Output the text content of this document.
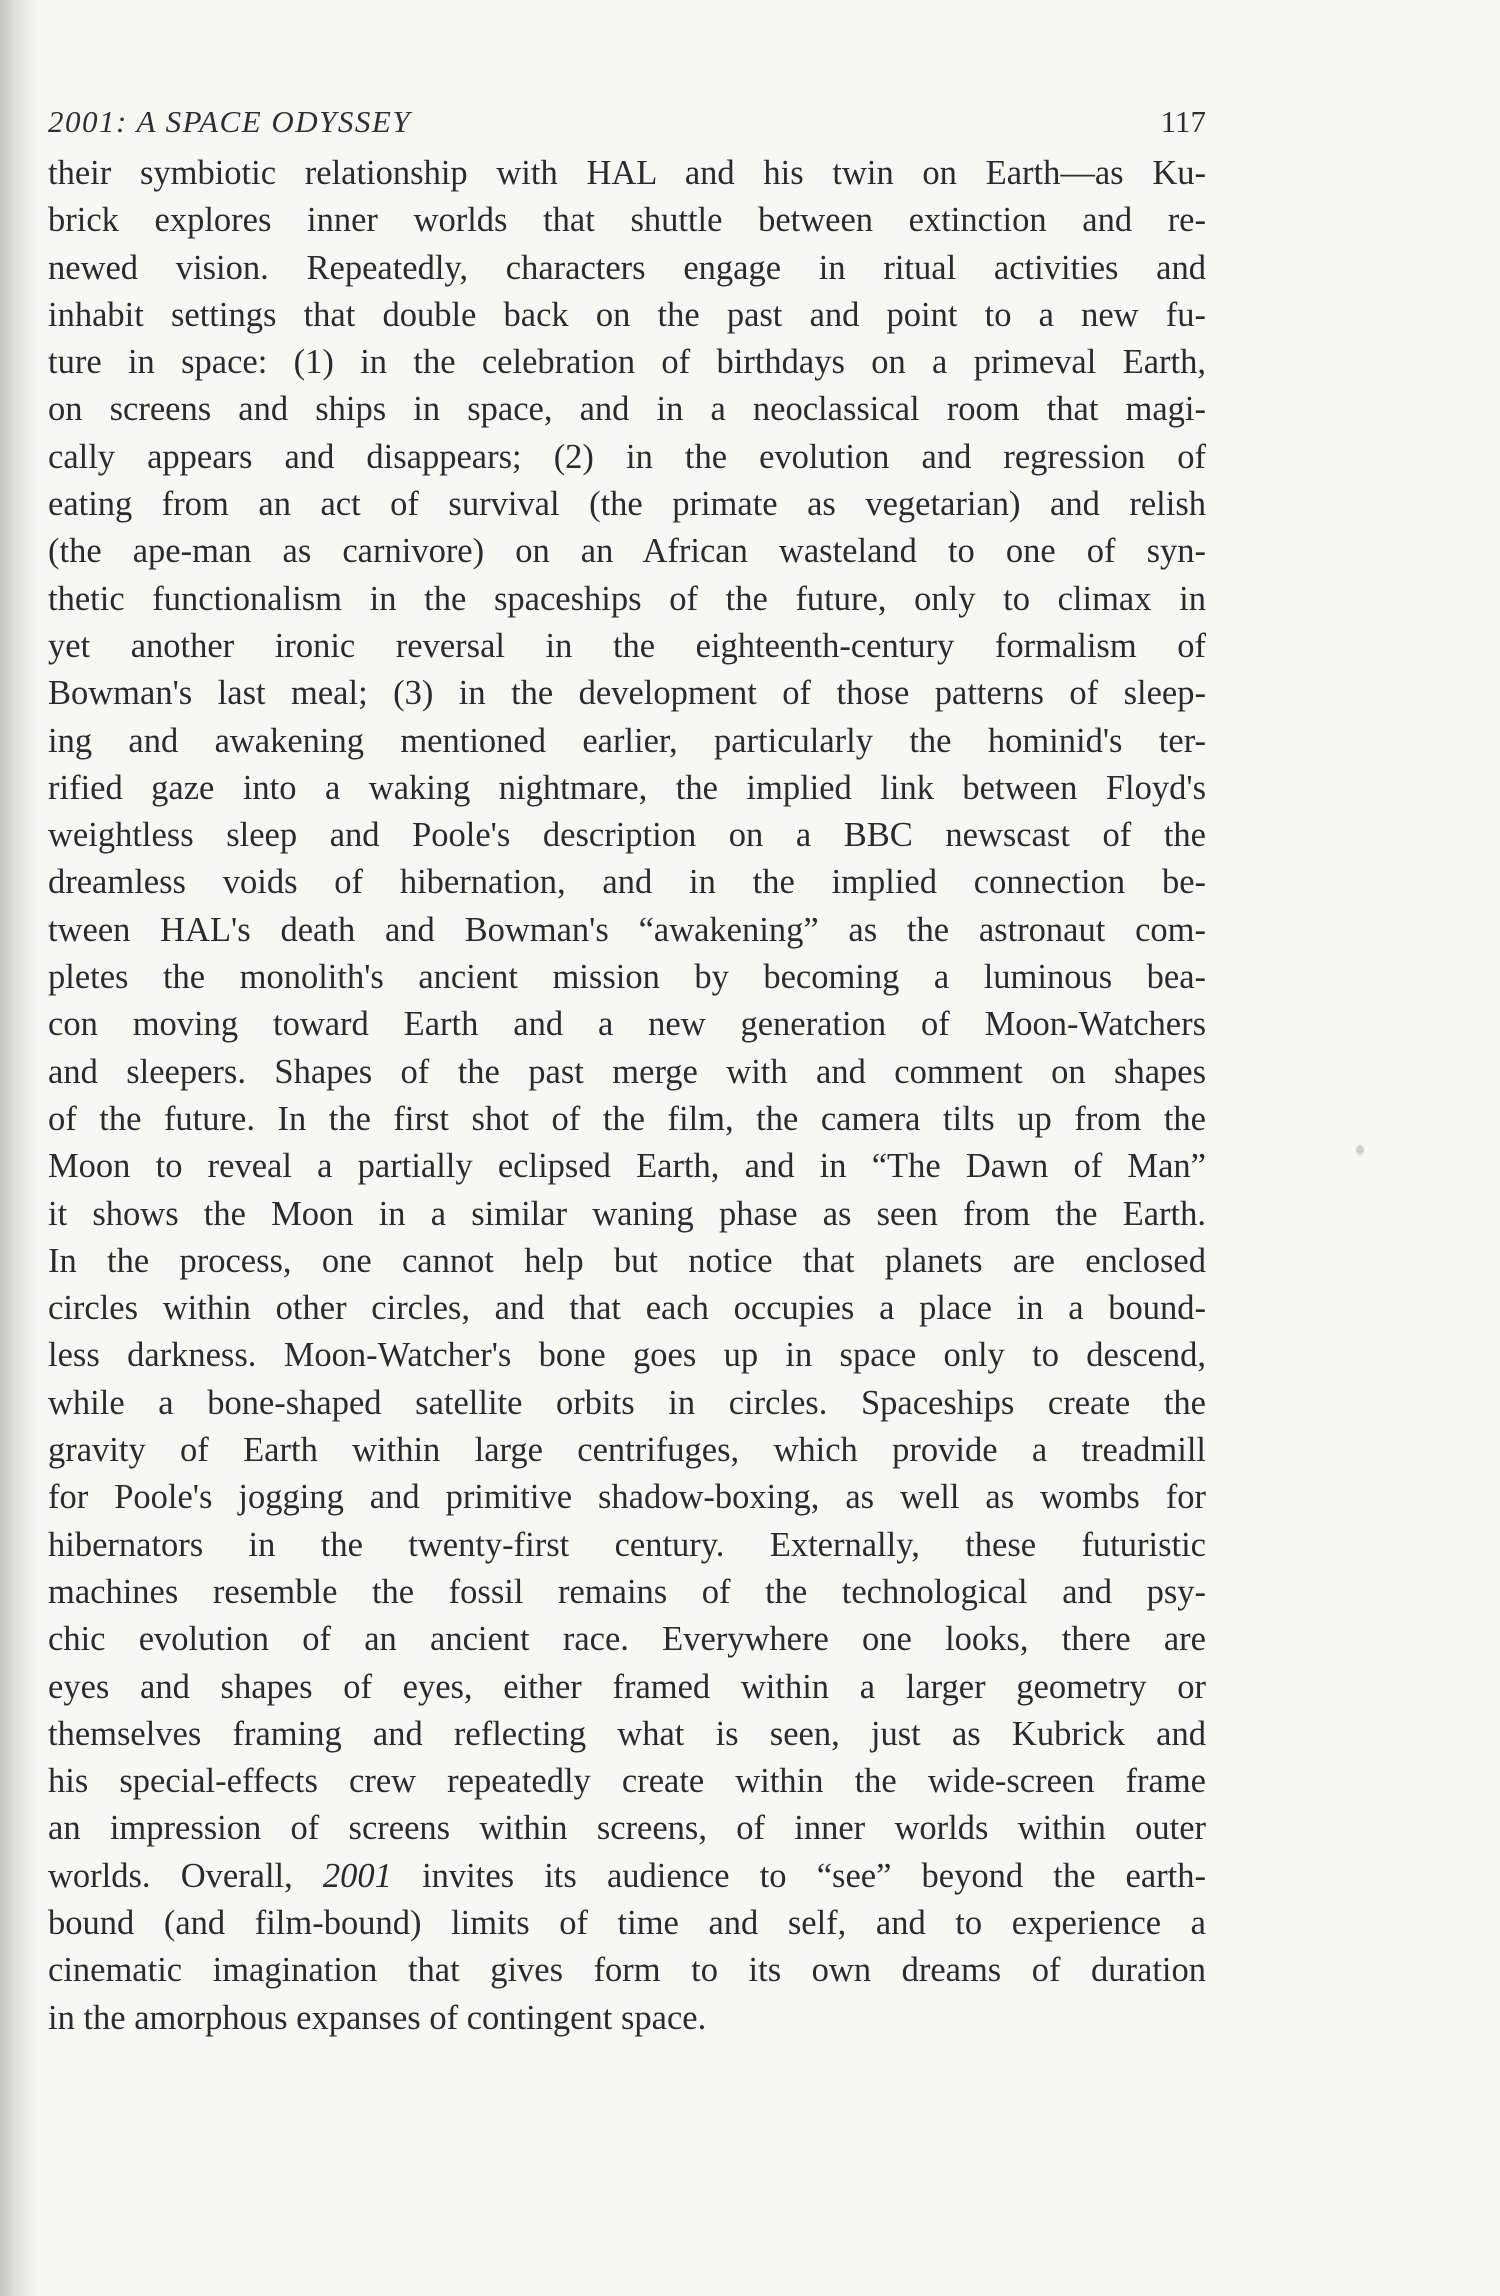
2001: A SPACE ODYSSEY	117
their symbiotic relationship with HAL and his twin on Earth—as Ku-
brick explores inner worlds that shuttle between extinction and re-
newed vision. Repeatedly, characters engage in ritual activities and
inhabit settings that double back on the past and point to a new fu-
ture in space: (1) in the celebration of birthdays on a primeval Earth,
on screens and ships in space, and in a neoclassical room that magi-
cally appears and disappears; (2) in the evolution and regression of
eating from an act of survival (the primate as vegetarian) and relish
(the ape-man as carnivore) on an African wasteland to one of syn-
thetic functionalism in the spaceships of the future, only to climax in
yet another ironic reversal in the eighteenth-century formalism of
Bowman's last meal; (3) in the development of those patterns of sleep-
ing and awakening mentioned earlier, particularly the hominid's ter-
rified gaze into a waking nightmare, the implied link between Floyd's
weightless sleep and Poole's description on a BBC newscast of the
dreamless voids of hibernation, and in the implied connection be-
tween HAL's death and Bowman's “awakening” as the astronaut com-
pletes the monolith's ancient mission by becoming a luminous bea-
con moving toward Earth and a new generation of Moon-Watchers
and sleepers. Shapes of the past merge with and comment on shapes
of the future. In the first shot of the film, the camera tilts up from the
Moon to reveal a partially eclipsed Earth, and in “The Dawn of Man”
it shows the Moon in a similar waning phase as seen from the Earth.
In the process, one cannot help but notice that planets are enclosed
circles within other circles, and that each occupies a place in a bound-
less darkness. Moon-Watcher's bone goes up in space only to descend,
while a bone-shaped satellite orbits in circles. Spaceships create the
gravity of Earth within large centrifuges, which provide a treadmill
for Poole's jogging and primitive shadow-boxing, as well as wombs for
hibernators in the twenty-first century. Externally, these futuristic
machines resemble the fossil remains of the technological and psy-
chic evolution of an ancient race. Everywhere one looks, there are
eyes and shapes of eyes, either framed within a larger geometry or
themselves framing and reflecting what is seen, just as Kubrick and
his special-effects crew repeatedly create within the wide-screen frame
an impression of screens within screens, of inner worlds within outer
worlds. Overall, 2001 invites its audience to “see” beyond the earth-
bound (and film-bound) limits of time and self, and to experience a
cinematic imagination that gives form to its own dreams of duration
in the amorphous expanses of contingent space.
